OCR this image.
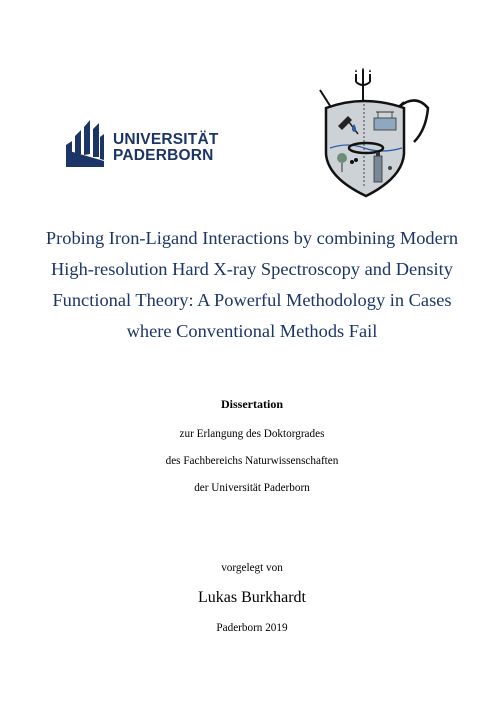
UNIVERSITÄT
PADERBORN
Probing Iron-Ligand Interactions by combining Modern
High-resolution Hard X-ray Spectroscopy and Density
Functional Theory: A Powerful Methodology in Cases
where Conventional Methods Fail
Dissertation
zur Erlangung des Doktorgrades
des Fachbereichs Naturwissenschaften
der Universität Paderborn
vorgelegt von
Lukas Burkhardt
Paderborn 2019
